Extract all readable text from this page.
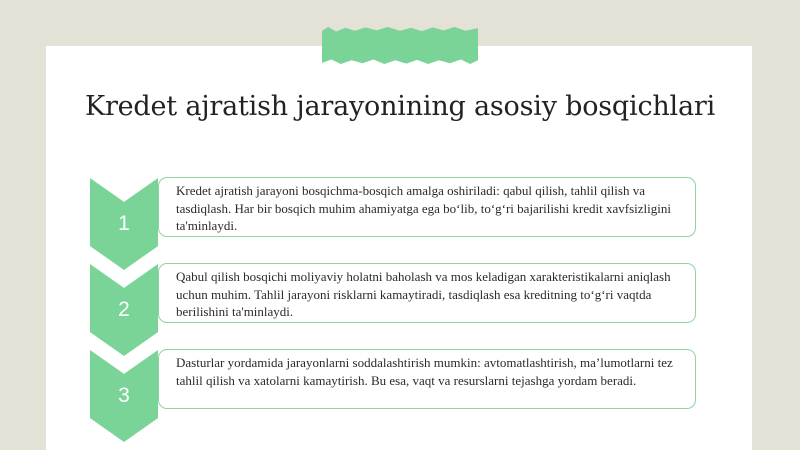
Kredet ajratish jarayonining asosiy bosqichlari
1
Kredet ajratish jarayoni bosqichma-bosqich amalga oshiriladi: qabul qilish, tahlil qilish va tasdiqlash. Har bir bosqich muhim ahamiyatga ega bo‘lib, to‘g‘ri bajarilishi kredit xavfsizligini ta'minlaydi.
2
Qabul qilish bosqichi moliyaviy holatni baholash va mos keladigan xarakteristikalarni aniqlash uchun muhim. Tahlil jarayoni risklarni kamaytiradi, tasdiqlash esa kreditning to‘g‘ri vaqtda berilishini ta'minlaydi.
3
Dasturlar yordamida jarayonlarni soddalashtirish mumkin: avtomatlashtirish, ma’lumotlarni tez tahlil qilish va xatolarni kamaytirish. Bu esa, vaqt va resurslarni tejashga yordam beradi.
